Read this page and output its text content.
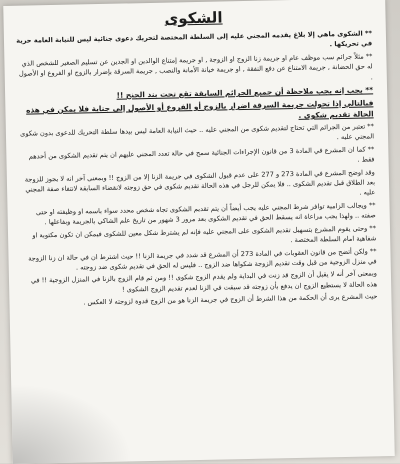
الشكوى

** الشكوى ماهي إلا بلاغ يقدمه المجني عليه إلى السلطة المختصة لتحريك دعوى جنائية ليس للنيابة العامة حرية في تحريكها .

** مثلاً جرائم سب موظف عام او جريمة زنا الزوج او الزوجة , او جريمة إمتناع الوالدين او الجدين عن تسليم الصغير للشخص الذي له حق الحضانة , جريمة الامتناع عن دفع النفقة , او جريمة خيانة الأمانة والنصب , جريمة السرقة بإضرار بالزوج او الفروع او الأصول .

** يجب إنه يجب ملاحظة أن جميع الجرائم السابقة تقع تحت بند الجنح !!

فبالتالي إذا تحولت جريمة السرقة اضرار بالزوج أو الفروع أو الأصول إلى جناية فلا يمكن في هذه الحالة تقديم شكوى .

** تعتبر من الجرائم التي تحتاج لتقديم شكوى من المجني عليه .. حيث النيابة العامة ليس بيدها سلطة التحريك للدعوى بدون شكوى المجني عليه .

** كما ان المشرع في المادة 3 من قانون الإجراءات الجنائية سمح في حالة تعدد المجني عليهم ان يتم تقديم الشكوى من أحدهم فقط .

وقد اوضح المشرع في المادة 273 و 277 على عدم قبول الشكوى في جريمة الزنا إلا من الزوج !! وبمعنى آخر انه لا يجوز للزوجة بعد الطلاق قبل تقديم الشكوى .. فلا يمكن للرجل في هذه الحالة تقديم شكوى في حق زوجته لانقضاء السابقة لانتفاء صفة المجني عليه .

** ويجالب الزامية توافر شرط المجني عليه يجب أيضاً أن يتم تقديم الشكوى تجاه شخص محدد سواء باسمه او وظيفته او حتى صفته .. ولهذا يجب مراعاة انه يسقط الحق في تقديم الشكوى بعد مرور 3 شهور من تاريخ علم الشاكي بالجريمة وبفاعلها .

** وحتى يقوم المشرع بتسهيل تقديم الشكوى على المجني عليه فإنه لم يشترط شكل معين للشكوى فيمكن ان تكون مكتوبة او شفاهية امام السلطة المختصة .

** ولكن أتضح من قانون العقوبات في المادة 273 أن المشرع قد شدد في جريمة الزنا !! حيث اشترط ان في حالة ان زنا الزوجة في منزل الزوجية من قبل وقت تقديم الزوجة شكواها ضد الزوج .. فليس له الحق في تقديم شكوى ضد زوجته .

وبمعنى آخر أنه لا يقبل أن الزوج قد زنت في البداية ولم يقدم الزوج شكوى !! ومن ثم قام الزوج بالزنا في المنزل الزوجية !! في هذه الحالة لا يستطيع الزوج ان يدفع بأن زوجته قد سبقت في الزنا لعدم تقديم الزوج الشكوى !

حيث المشرع يرى أن الحكمة من هذا الشرط أن الزوج في جريمة الزنا هو من الزوج قدوة لزوجته لا العكس .
